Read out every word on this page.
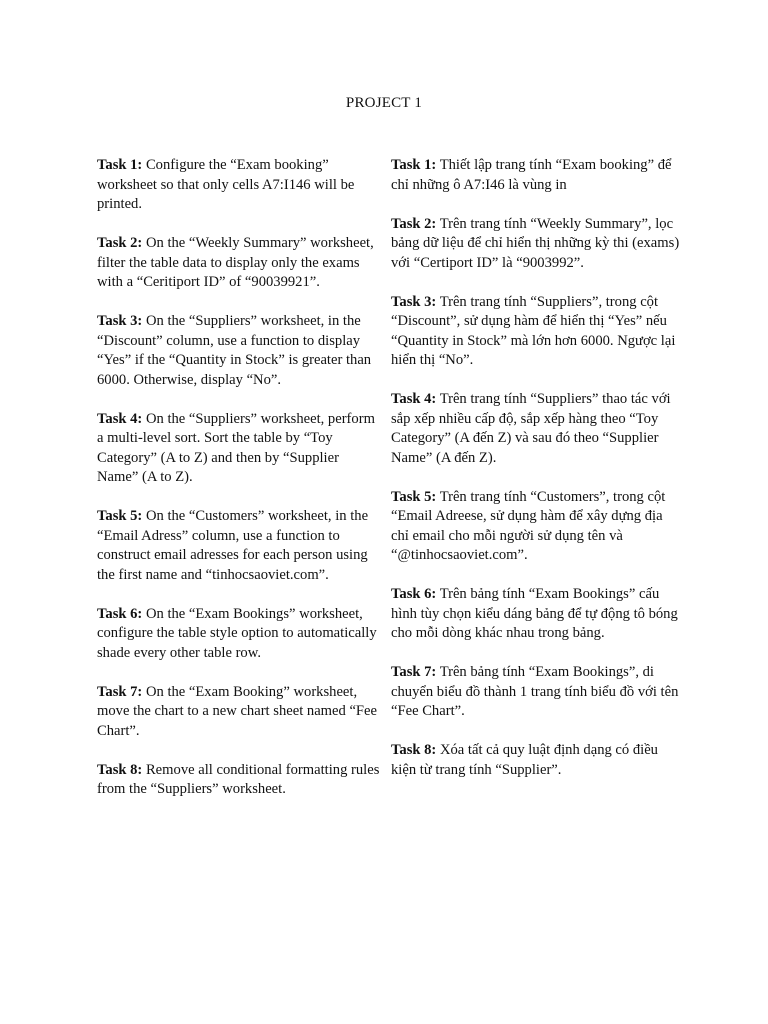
PROJECT 1

Task 1: Configure the “Exam booking” worksheet so that only cells A7:I146 will be printed.

Task 2: On the “Weekly Summary” worksheet, filter the table data to display only the exams with a “Ceritiport ID” of “90039921”.

Task 3: On the “Suppliers” worksheet, in the “Discount” column, use a function to display “Yes” if the “Quantity in Stock” is greater than 6000. Otherwise, display “No”.

Task 4: On the “Suppliers” worksheet, perform a multi-level sort. Sort the table by “Toy Category” (A to Z) and then by “Supplier Name” (A to Z).

Task 5: On the “Customers” worksheet, in the “Email Adress” column, use a function to construct email adresses for each person using the first name and “tinhocsaoviet.com”.

Task 6: On the “Exam Bookings” worksheet, configure the table style option to automatically shade every other table row.

Task 7: On the “Exam Booking” worksheet, move the chart to a new chart sheet named “Fee Chart”.

Task 8: Remove all conditional formatting rules from the “Suppliers” worksheet.

Task 1: Thiết lập trang tính “Exam booking” để chỉ những ô A7:I46 là vùng in

Task 2: Trên trang tính “Weekly Summary”, lọc bảng dữ liệu để chỉ hiển thị những kỳ thi (exams) với “Certiport ID” là “9003992”.

Task 3: Trên trang tính “Suppliers”, trong cột “Discount”, sử dụng hàm để hiển thị “Yes” nếu “Quantity in Stock” mà lớn hơn 6000. Ngược lại hiển thị “No”.

Task 4: Trên trang tính “Suppliers” thao tác với sắp xếp nhiều cấp độ, sắp xếp hàng theo “Toy Category” (A đến Z) và sau đó theo “Supplier Name” (A đến Z).

Task 5: Trên trang tính “Customers”, trong cột “Email Adreese, sử dụng hàm để xây dựng địa chỉ email cho mỗi người sử dụng tên và “@tinhocsaoviet.com”.

Task 6: Trên bảng tính “Exam Bookings” cấu hình tùy chọn kiểu dáng bảng để tự động tô bóng cho mỗi dòng khác nhau trong bảng.

Task 7: Trên bảng tính “Exam Bookings”, di chuyển biểu đồ thành 1 trang tính biểu đồ với tên “Fee Chart”.

Task 8: Xóa tất cả quy luật định dạng có điều kiện từ trang tính “Supplier”.
